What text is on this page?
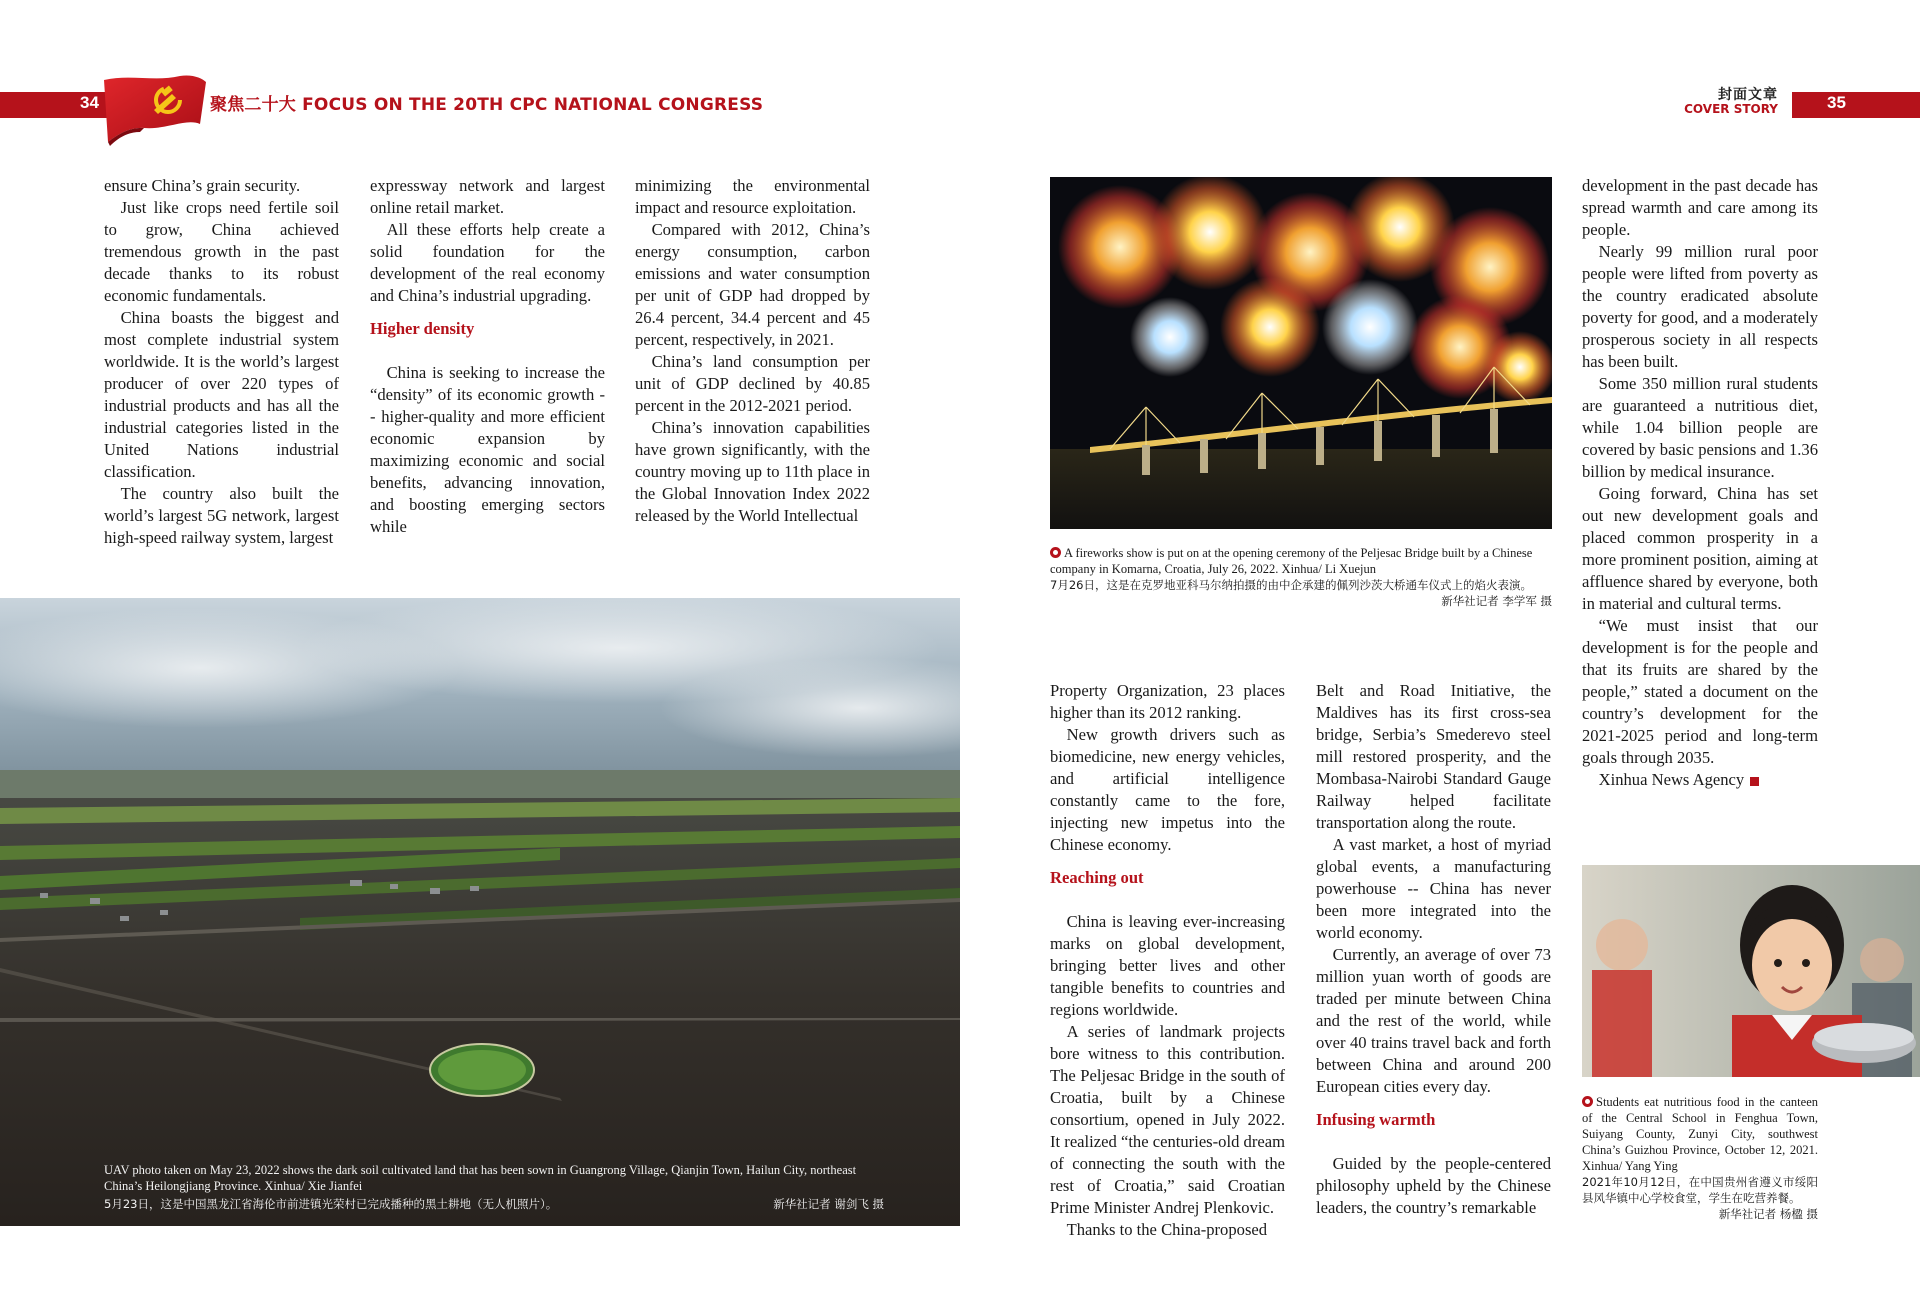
34	聚焦二十大 FOCUS ON THE 20TH CPC NATIONAL CONGRESS	封面文章
COVER STORY	35

ensure China’s grain security.

Just like crops need fertile soil to grow, China achieved tremendous growth in the past decade thanks to its robust economic fundamentals.

China boasts the biggest and most complete industrial system worldwide. It is the world’s largest producer of over 220 types of industrial products and has all the industrial categories listed in the United Nations industrial classification.

The country also built the world’s largest 5G network, largest high-speed railway system, largest

expressway network and largest online retail market.

All these efforts help create a solid foundation for the development of the real economy and China’s industrial upgrading.

Higher density

China is seeking to increase the “density” of its economic growth -- higher-quality and more efficient economic expansion by maximizing economic and social benefits, advancing innovation, and boosting emerging sectors while

minimizing the environmental impact and resource exploitation.

Compared with 2012, China’s energy consumption, carbon emissions and water consumption per unit of GDP had dropped by 26.4 percent, 34.4 percent and 45 percent, respectively, in 2021.

China’s land consumption per unit of GDP declined by 40.85 percent in the 2012-2021 period.

China’s innovation capabilities have grown significantly, with the country moving up to 11th place in the Global Innovation Index 2022 released by the World Intellectual

UAV photo taken on May 23, 2022 shows the dark soil cultivated land that has been sown in Guangrong Village, Qianjin Town, Hailun City, northeast China’s Heilongjiang Province. Xinhua/ Xie Jianfei
5月23日，这是中国黑龙江省海伦市前进镇光荣村已完成播种的黑土耕地（无人机照片）。	新华社记者 谢剑飞 摄
A fireworks show is put on at the opening ceremony of the Peljesac Bridge built by a Chinese company in Komarna, Croatia, July 26, 2022. Xinhua/ Li Xuejun
7月26日，这是在克罗地亚科马尔纳拍摄的由中企承建的佩列沙茨大桥通车仪式上的焰火表演。
新华社记者 李学军 摄

Property Organization, 23 places higher than its 2012 ranking.

New growth drivers such as biomedicine, new energy vehicles, and artificial intelligence constantly came to the fore, injecting new impetus into the Chinese economy.

Reaching out

China is leaving ever-increasing marks on global development, bringing better lives and other tangible benefits to countries and regions worldwide.

A series of landmark projects bore witness to this contribution. The Peljesac Bridge in the south of Croatia, built by a Chinese consortium, opened in July 2022. It realized “the centuries-old dream of connecting the south with the rest of Croatia,” said Croatian Prime Minister Andrej Plenkovic.

Thanks to the China-proposed

Belt and Road Initiative, the Maldives has its first cross-sea bridge, Serbia’s Smederevo steel mill restored prosperity, and the Mombasa-Nairobi Standard Gauge Railway helped facilitate transportation along the route.

A vast market, a host of myriad global events, a manufacturing powerhouse -- China has never been more integrated into the world economy.

Currently, an average of over 73 million yuan worth of goods are traded per minute between China and the rest of the world, while over 40 trains travel back and forth between China and around 200 European cities every day.

Infusing warmth

Guided by the people-centered philosophy upheld by the Chinese leaders, the country’s remarkable

development in the past decade has spread warmth and care among its people.

Nearly 99 million rural poor people were lifted from poverty as the country eradicated absolute poverty for good, and a moderately prosperous society in all respects has been built.

Some 350 million rural students are guaranteed a nutritious diet, while 1.04 billion people are covered by basic pensions and 1.36 billion by medical insurance.

Going forward, China has set out new development goals and placed common prosperity in a more prominent position, aiming at affluence shared by everyone, both in material and cultural terms.

“We must insist that our development is for the people and that its fruits are shared by the people,” stated a document on the country’s development for the 2021-2025 period and long-term goals through 2035.

Xinhua News Agency

Students eat nutritious food in the canteen of the Central School in Fenghua Town, Suiyang County, Zunyi City, southwest China’s Guizhou Province, October 12, 2021. Xinhua/ Yang Ying
2021年10月12日，在中国贵州省遵义市绥阳县风华镇中心学校食堂，学生在吃营养餐。
新华社记者 杨楹 摄
